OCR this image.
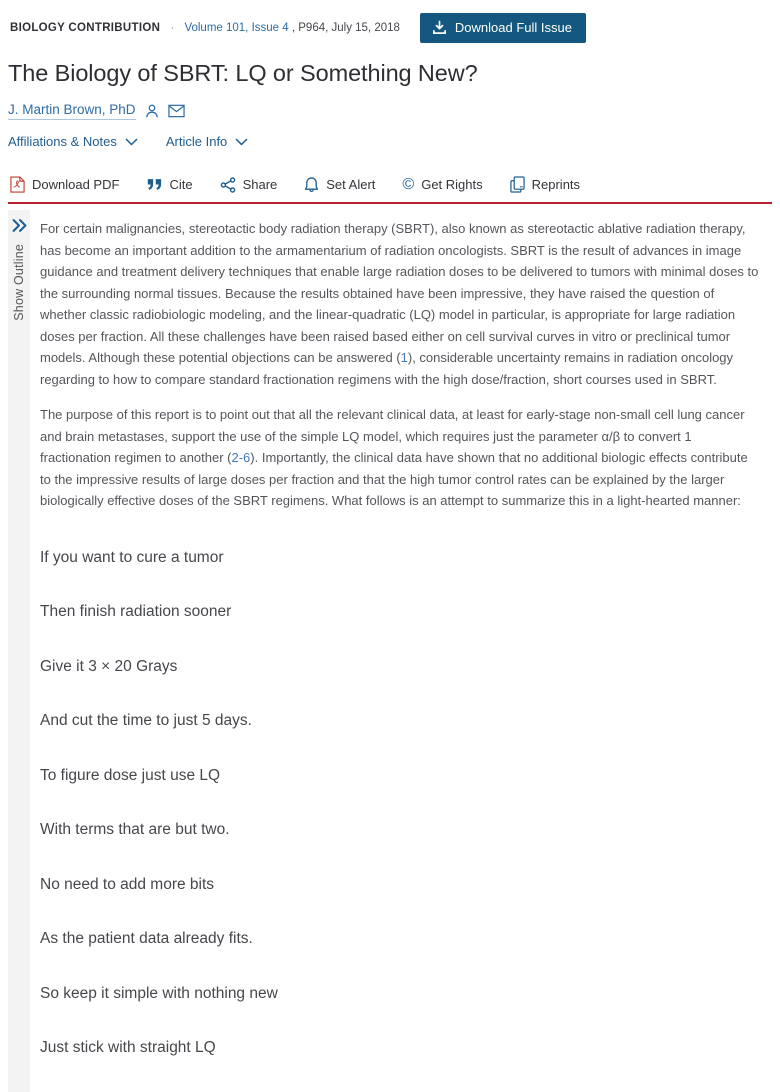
BIOLOGY CONTRIBUTION · Volume 101, Issue 4 , P964, July 15, 2018	Download Full Issue
The Biology of SBRT: LQ or Something New?
J. Martin Brown, PhD
Affiliations & Notes	Article Info
Download PDF	Cite	Share	Set Alert © Get Rights	Reprints
Show Outline

For certain malignancies, stereotactic body radiation therapy (SBRT), also known as stereotactic ablative radiation therapy, has become an important addition to the armamentarium of radiation oncologists. SBRT is the result of advances in image guidance and treatment delivery techniques that enable large radiation doses to be delivered to tumors with minimal doses to the surrounding normal tissues. Because the results obtained have been impressive, they have raised the question of whether classic radiobiologic modeling, and the linear-quadratic (LQ) model in particular, is appropriate for large radiation doses per fraction. All these challenges have been raised based either on cell survival curves in vitro or preclinical tumor models. Although these potential objections can be answered (1), considerable uncertainty remains in radiation oncology regarding to how to compare standard fractionation regimens with the high dose/fraction, short courses used in SBRT.

The purpose of this report is to point out that all the relevant clinical data, at least for early-stage non-small cell lung cancer and brain metastases, support the use of the simple LQ model, which requires just the parameter α/β to convert 1 fractionation regimen to another (2-6). Importantly, the clinical data have shown that no additional biologic effects contribute to the impressive results of large doses per fraction and that the high tumor control rates can be explained by the larger biologically effective doses of the SBRT regimens. What follows is an attempt to summarize this in a light-hearted manner:

If you want to cure a tumor

Then finish radiation sooner

Give it 3 × 20 Grays

And cut the time to just 5 days.

To figure dose just use LQ

With terms that are but two.

No need to add more bits

As the patient data already fits.

So keep it simple with nothing new

Just stick with straight LQ
